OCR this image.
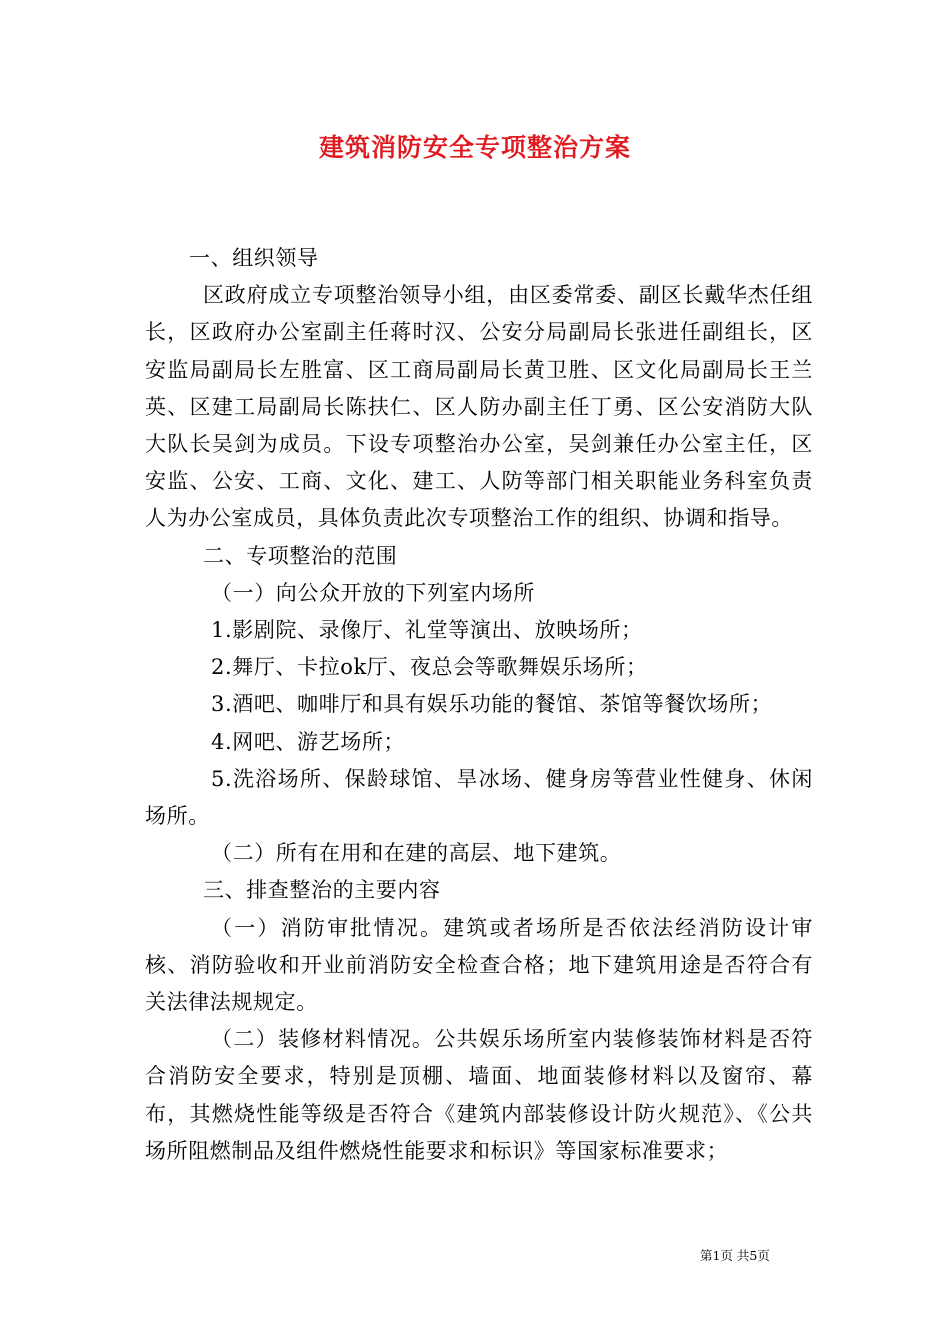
建筑消防安全专项整治方案

一、组织领导

区政府成立专项整治领导小组，由区委常委、副区长戴华杰任组长，区政府办公室副主任蒋时汉、公安分局副局长张进任副组长，区安监局副局长左胜富、区工商局副局长黄卫胜、区文化局副局长王兰英、区建工局副局长陈扶仁、区人防办副主任丁勇、区公安消防大队大队长吴剑为成员。下设专项整治办公室，吴剑兼任办公室主任，区安监、公安、工商、文化、建工、人防等部门相关职能业务科室负责人为办公室成员，具体负责此次专项整治工作的组织、协调和指导。

二、专项整治的范围

（一）向公众开放的下列室内场所

1.影剧院、录像厅、礼堂等演出、放映场所；

2.舞厅、卡拉ok厅、夜总会等歌舞娱乐场所；

3.酒吧、咖啡厅和具有娱乐功能的餐馆、茶馆等餐饮场所；

4.网吧、游艺场所；

5.洗浴场所、保龄球馆、旱冰场、健身房等营业性健身、休闲场所。

（二）所有在用和在建的高层、地下建筑。

三、排查整治的主要内容

（一）消防审批情况。建筑或者场所是否依法经消防设计审核、消防验收和开业前消防安全检查合格；地下建筑用途是否符合有关法律法规规定。

（二）装修材料情况。公共娱乐场所室内装修装饰材料是否符合消防安全要求，特别是顶棚、墙面、地面装修材料以及窗帘、幕布，其燃烧性能等级是否符合《建筑内部装修设计防火规范》、《公共场所阻燃制品及组件燃烧性能要求和标识》等国家标准要求；

第1页 共5页
